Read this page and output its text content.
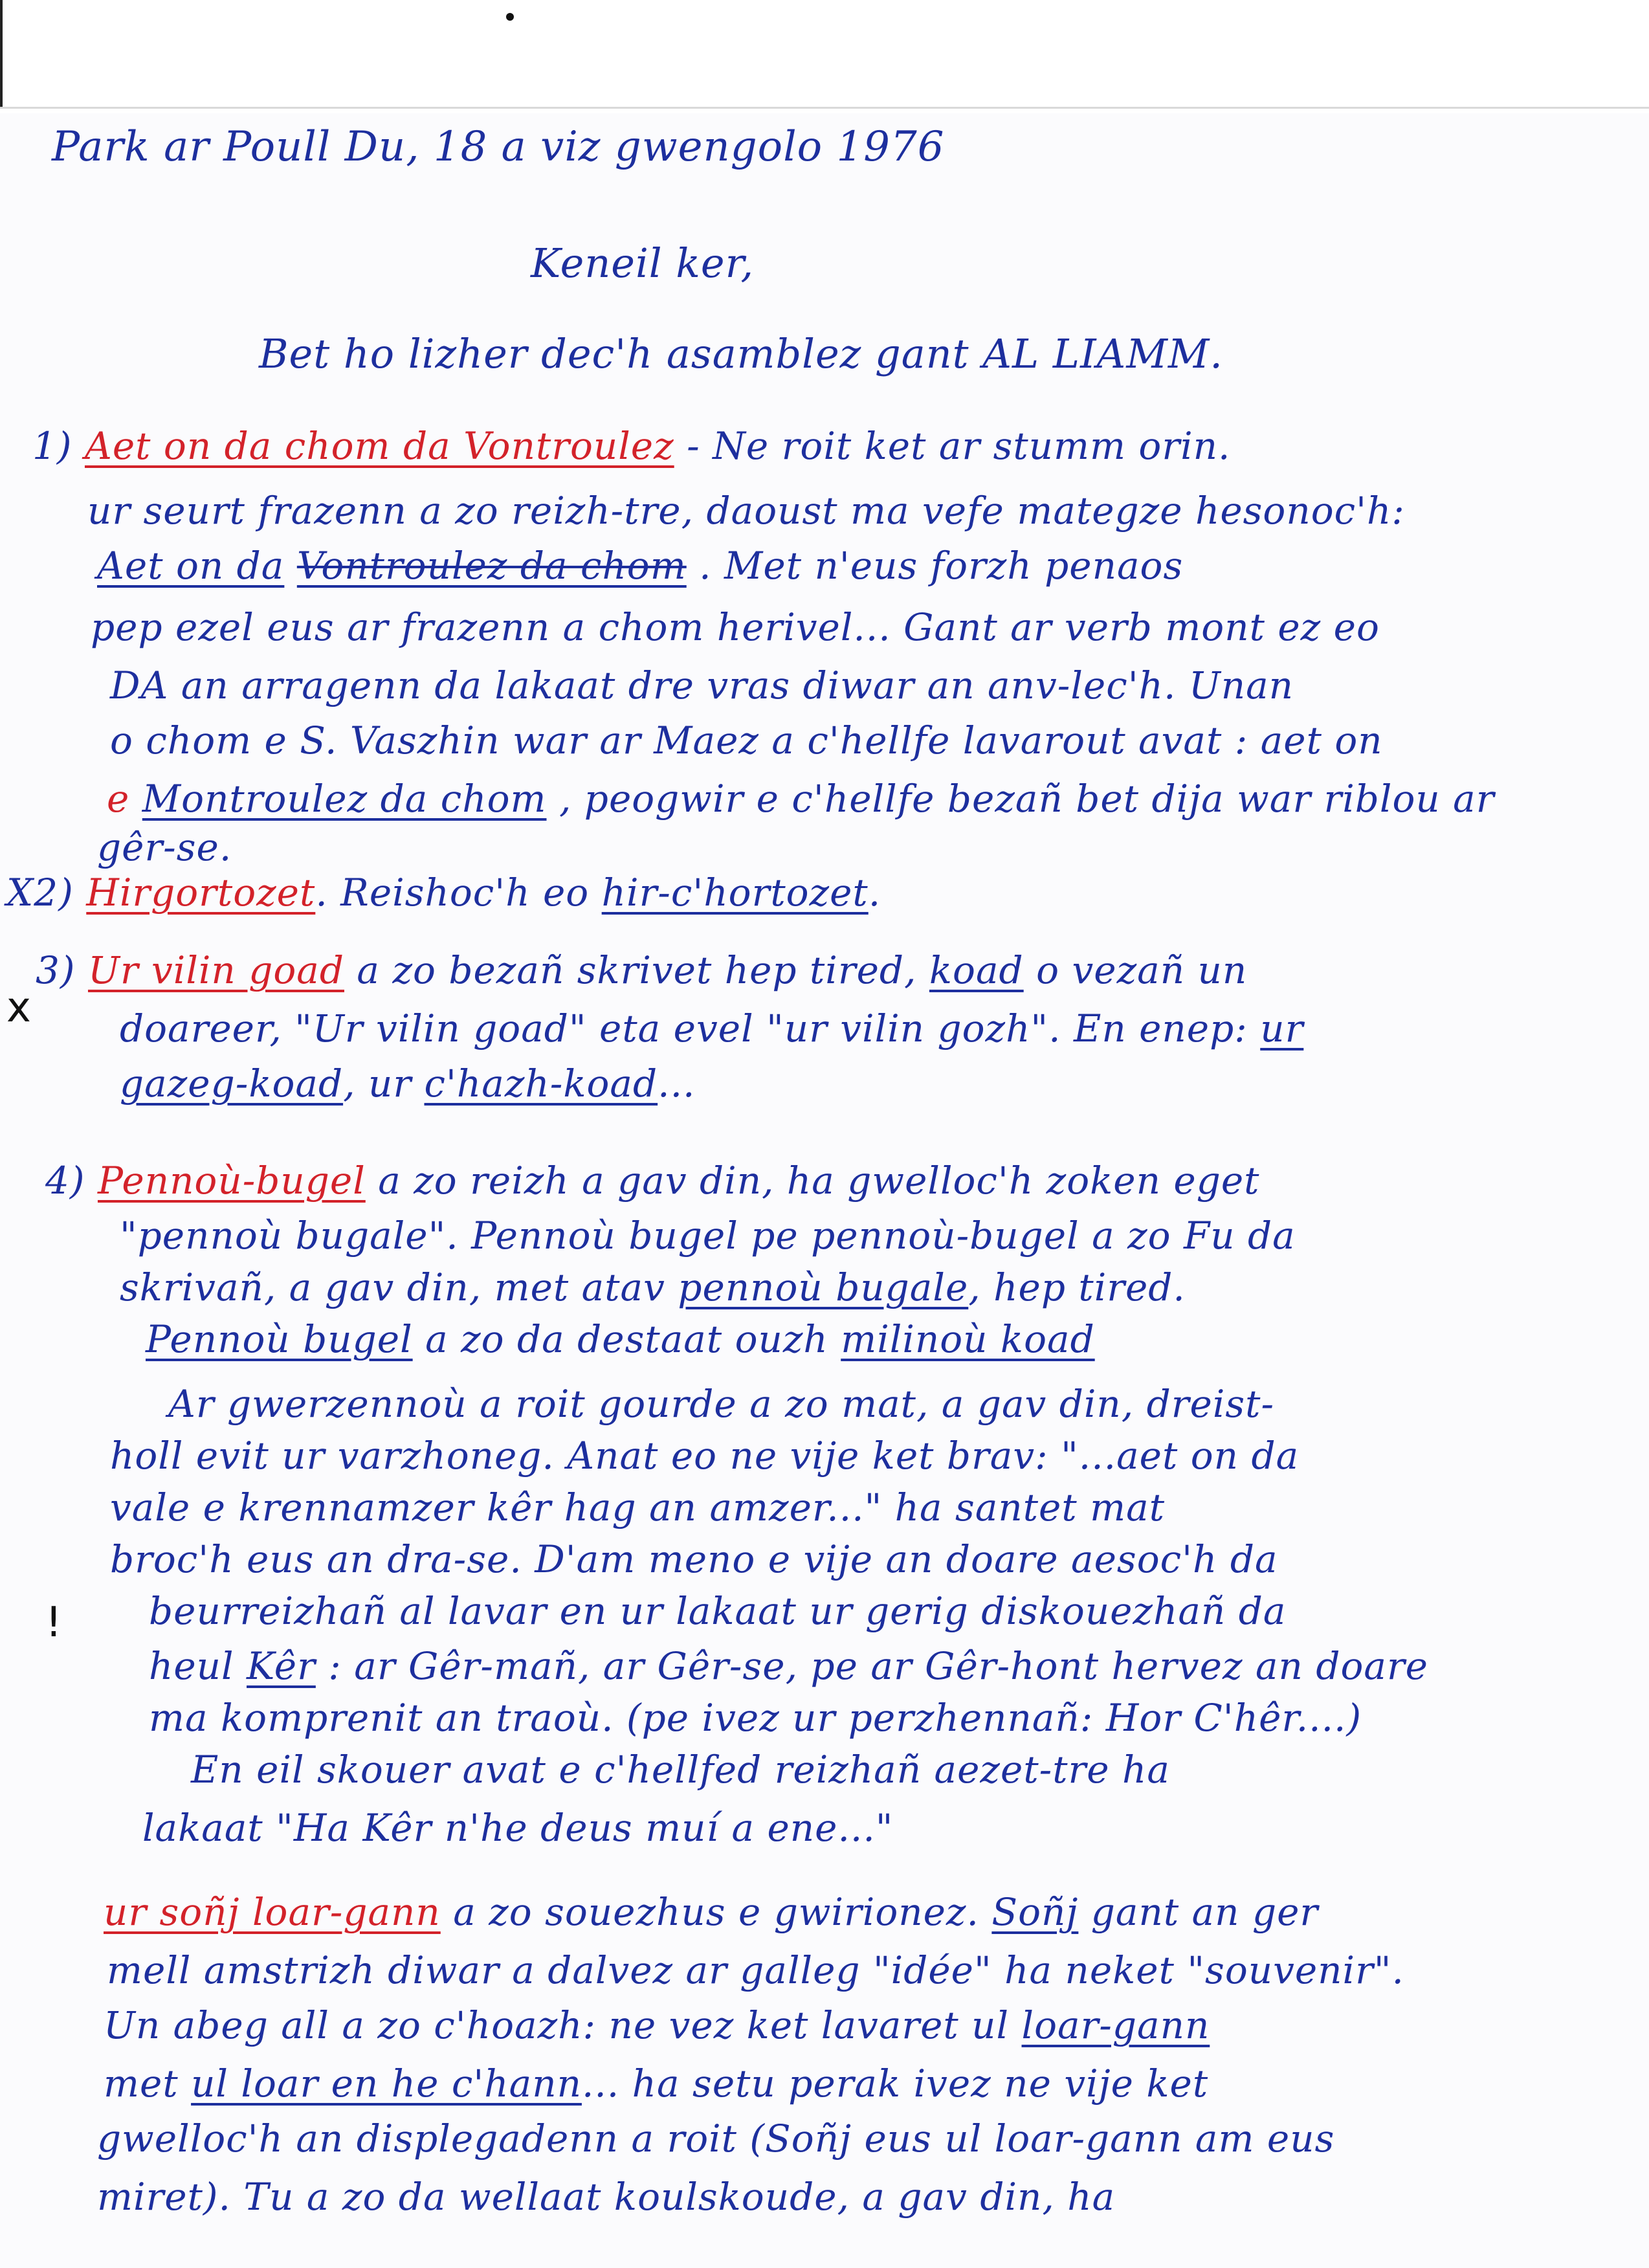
Park ar Poull Du, 18 a viz gwengolo 1976
Keneil ker,
Bet ho lizher dec'h asamblez gant AL LIAMM.
1) Aet on da chom da Vontroulez - Ne roit ket ar stumm orin.
ur seurt frazenn a zo reizh-tre, daoust ma vefe mategze hesonoc'h:
Aet on da Vontroulez da chom . Met n'eus forzh penaos
pep ezel eus ar frazenn a chom herivel... Gant ar verb mont ez eo
DA an arragenn da lakaat dre vras diwar an anv-lec'h. Unan
o chom e S. Vaszhin war ar Maez a c'hellfe lavarout avat : aet on
e Montroulez da chom , peogwir e c'hellfe bezañ bet dija war riblou ar
gêr-se.
X2) Hirgortozet. Reishoc'h eo hir-c'hortozet.
x
3) Ur vilin goad a zo bezañ skrivet hep tired, koad o vezañ un
doareer, "Ur vilin goad" eta evel "ur vilin gozh". En enep: ur
gazeg-koad, ur c'hazh-koad...
4) Pennoù-bugel a zo reizh a gav din, ha gwelloc'h zoken eget
"pennoù bugale". Pennoù bugel pe pennoù-bugel a zo Fu da
skrivañ, a gav din, met atav pennoù bugale, hep tired.
Pennoù bugel a zo da destaat ouzh milinoù koad
Ar gwerzennoù a roit gourde a zo mat, a gav din, dreist-
holl evit ur varzhoneg. Anat eo ne vije ket brav: "...aet on da
vale e krennamzer kêr hag an amzer..." ha santet mat
broc'h eus an dra-se. D'am meno e vije an doare aesoc'h da
! beurreizhañ al lavar en ur lakaat ur gerig diskouezhañ da
heul Kêr : ar Gêr-mañ, ar Gêr-se, pe ar Gêr-hont hervez an doare
ma komprenit an traoù. (pe ivez ur perzhennañ: Hor C'hêr....)
En eil skouer avat e c'hellfed reizhañ aezet-tre ha
lakaat "Ha Kêr n'he deus muí a ene..."
ur soñj loar-gann a zo souezhus e gwirionez. Soñj gant an ger
mell amstrizh diwar a dalvez ar galleg "idée" ha neket "souvenir".
Un abeg all a zo c'hoazh: ne vez ket lavaret ul loar-gann
met ul loar en he c'hann... ha setu perak ivez ne vije ket
gwelloc'h an displegadenn a roit (Soñj eus ul loar-gann am eus
miret). Tu a zo da wellaat koulskoude, a gav din, ha
